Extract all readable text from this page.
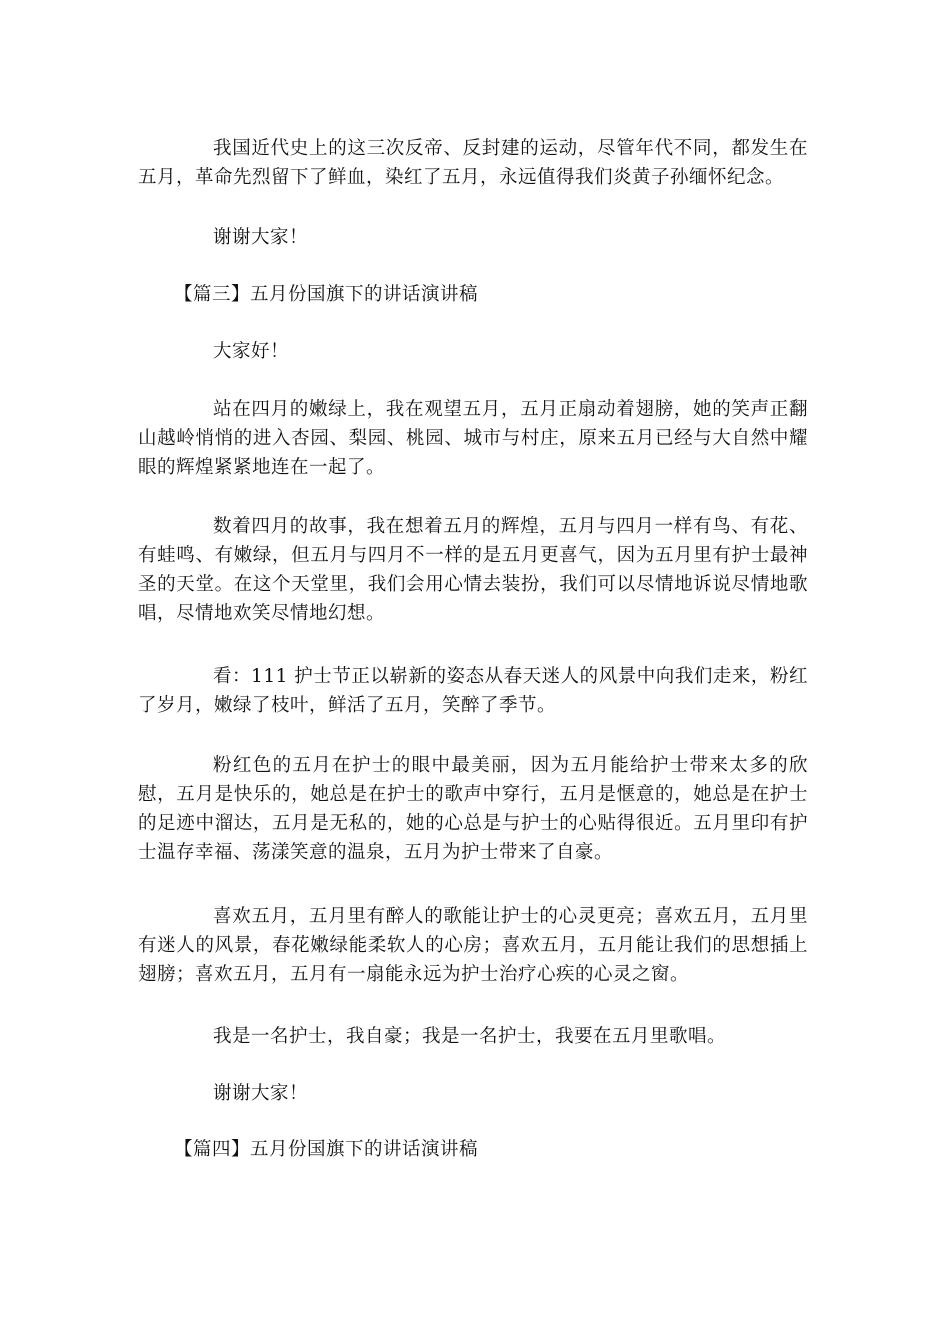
我国近代史上的这三次反帝、反封建的运动，尽管年代不同，都发生在五月，革命先烈留下了鲜血，染红了五月，永远值得我们炎黄子孙缅怀纪念。

谢谢大家！

【篇三】五月份国旗下的讲话演讲稿

大家好！

站在四月的嫩绿上，我在观望五月，五月正扇动着翅膀，她的笑声正翻山越岭悄悄的进入杏园、梨园、桃园、城市与村庄，原来五月已经与大自然中耀眼的辉煌紧紧地连在一起了。

数着四月的故事，我在想着五月的辉煌，五月与四月一样有鸟、有花、有蛙鸣、有嫩绿，但五月与四月不一样的是五月更喜气，因为五月里有护士最神圣的天堂。在这个天堂里，我们会用心情去装扮，我们可以尽情地诉说尽情地歌唱，尽情地欢笑尽情地幻想。

看：111 护士节正以崭新的姿态从春天迷人的风景中向我们走来，粉红了岁月，嫩绿了枝叶，鲜活了五月，笑醉了季节。

粉红色的五月在护士的眼中最美丽，因为五月能给护士带来太多的欣慰，五月是快乐的，她总是在护士的歌声中穿行，五月是惬意的，她总是在护士的足迹中溜达，五月是无私的，她的心总是与护士的心贴得很近。五月里印有护士温存幸福、荡漾笑意的温泉，五月为护士带来了自豪。

喜欢五月，五月里有醉人的歌能让护士的心灵更亮；喜欢五月，五月里有迷人的风景，春花嫩绿能柔软人的心房；喜欢五月，五月能让我们的思想插上翅膀；喜欢五月，五月有一扇能永远为护士治疗心疾的心灵之窗。

我是一名护士，我自豪；我是一名护士，我要在五月里歌唱。

谢谢大家！

【篇四】五月份国旗下的讲话演讲稿
